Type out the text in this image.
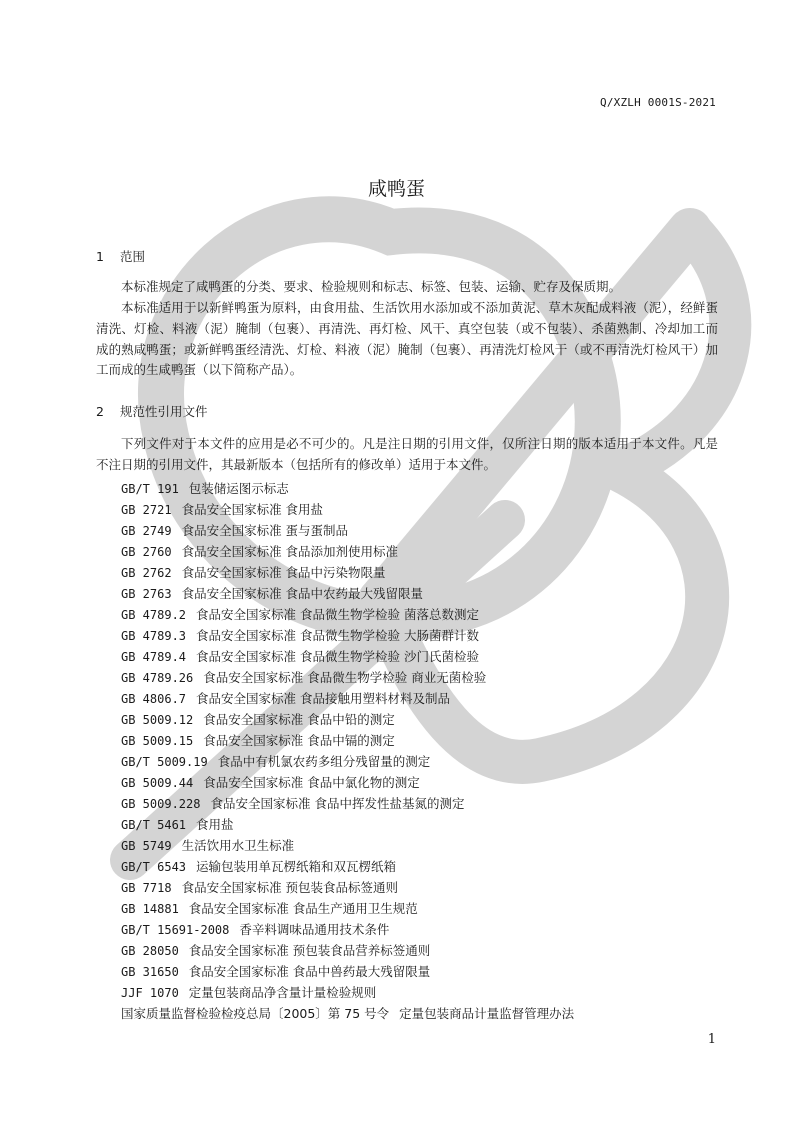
Q/XZLH 0001S-2021
咸鸭蛋
1 范围

本标准规定了咸鸭蛋的分类、要求、检验规则和标志、标签、包装、运输、贮存及保质期。

本标准适用于以新鲜鸭蛋为原料，由食用盐、生活饮用水添加或不添加黄泥、草木灰配成料液（泥），经鲜蛋清洗、灯检、料液（泥）腌制（包裹）、再清洗、再灯检、风干、真空包装（或不包装）、杀菌熟制、冷却加工而成的熟咸鸭蛋；或新鲜鸭蛋经清洗、灯检、料液（泥）腌制（包裹）、再清洗灯检风干（或不再清洗灯检风干）加工而成的生咸鸭蛋（以下简称产品）。

2 规范性引用文件

下列文件对于本文件的应用是必不可少的。凡是注日期的引用文件，仅所注日期的版本适用于本文件。凡是不注日期的引用文件，其最新版本（包括所有的修改单）适用于本文件。

GB/T 191 包装储运图示标志
GB 2721 食品安全国家标准 食用盐
GB 2749 食品安全国家标准 蛋与蛋制品
GB 2760 食品安全国家标准 食品添加剂使用标准
GB 2762 食品安全国家标准 食品中污染物限量
GB 2763 食品安全国家标准 食品中农药最大残留限量
GB 4789.2 食品安全国家标准 食品微生物学检验 菌落总数测定
GB 4789.3 食品安全国家标准 食品微生物学检验 大肠菌群计数
GB 4789.4 食品安全国家标准 食品微生物学检验 沙门氏菌检验
GB 4789.26 食品安全国家标准 食品微生物学检验 商业无菌检验
GB 4806.7 食品安全国家标准 食品接触用塑料材料及制品
GB 5009.12 食品安全国家标准 食品中铅的测定
GB 5009.15 食品安全国家标准 食品中镉的测定
GB/T 5009.19 食品中有机氯农药多组分残留量的测定
GB 5009.44 食品安全国家标准 食品中氯化物的测定
GB 5009.228 食品安全国家标准 食品中挥发性盐基氮的测定
GB/T 5461 食用盐
GB 5749 生活饮用水卫生标准
GB/T 6543 运输包装用单瓦楞纸箱和双瓦楞纸箱
GB 7718 食品安全国家标准 预包装食品标签通则
GB 14881 食品安全国家标准 食品生产通用卫生规范
GB/T 15691-2008 香辛料调味品通用技术条件
GB 28050 食品安全国家标准 预包装食品营养标签通则
GB 31650 食品安全国家标准 食品中兽药最大残留限量
JJF 1070 定量包装商品净含量计量检验规则
国家质量监督检验检疫总局〔2005〕第 75 号令 定量包装商品计量监督管理办法
1
